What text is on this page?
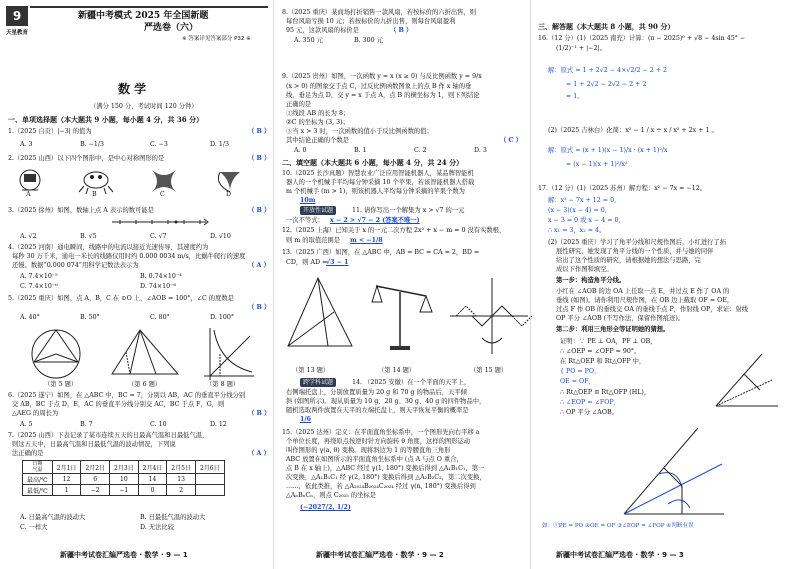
9
天星教育
新疆中考模式 2025 年全国新题
严选卷（六）
※ 答案详见答案部分 P32 ※
数 学
（满分 150 分，考试时间 120 分钟）
一、单项选择题（本大题共 9 小题，每小题 4 分，共 36 分）
1.（2025 自贡）|−3| 的值为	（ B ）
A. 3	B. −1/3	C. −3	D. 1/3
2.（2025 山西）以下四个图形中，是中心对称图形的是	（ B ）
A	B	C	D
3.（2025 徐州）如图，数轴上点 A 表示的数可能是	（ B ）
A. √2	B. √5	C. √7	D. √10
4.（2025 河南）通电瞬间，线路中的电流以接近光速传导，其速度约为
每秒 30 万千米，通电一米长的线路仅用时约 0.000 0034 m/s，比蜗牛爬行的速度
还慢。数据“0.000 074”用科学记数法表示为	（ A ）
A. 7.4×10⁻⁵	B. 0.74×10⁻⁴
C. 7.4×10⁻⁶	D. 74×10⁻⁶
5.（2025 重庆）如图，点 A，B，C 在 ⊙O 上，∠AOB = 100°，∠C 的度数是
（ B ）
A. 40°	B. 50°	C. 80°	D. 100°
（第 5 题）	（第 6 题）	（第 8 题）
6.（2025 遂宁）如图，在 △ABC 中，BC = 7，分别以 AB，AC 的垂直平分线分别
交 AB，BC 于点 D，E，AC 的垂直平分线分别交 AC，BC 于点 F，G，则
△AEG 的周长为	（ B ）
A. 5	B. 7	C. 10	D. 12
7.（2025 山西）下表记录了某市连续五天的日最高气温和日最低气温，
则这五天中，日最高气温和日最低气温的波动情况，下列说
法正确的是	（ A ）
日期
气温	2月1日	2月2日	2月3日	2月4日	2月5日	2月6日
最高/℃	12	6	10	14	13	
最低/℃	1	−2	−1	0	2	
A. 日最高气温的波动大	B. 日最低气温的波动大
C. 一样大	D. 无法比较
新疆中考试卷汇编严选卷 · 数学 · 9 — 1
8.（2025 重庆）某商场打折销售一款风扇，若按标价的六折出售，则
每台风扇亏损 10 元；若按标价的九折出售，则每台风扇盈利
95 元，这款风扇的标价是	（ B ）
A. 350 元	B. 300 元
9.（2025 贵州）如图，一次函数 y = x (x ≥ 0) 与反比例函数 y = 9/x
(x > 0) 的图象交于点 C，过反比例函数图象上的点 B 作 x 轴的垂
线，垂足为点 D，交 y = x 于点 A，点 B 的横坐标为 1，则下列结论
正确的是
①线段 AB 的长为 8；
②C 的坐标为 (3, 3)；
③当 x > 3 时，一次函数的值小于反比例函数的值；
其中结论正确的个数是	（ C ）
A. 0	B. 1	C. 2	D. 3
二、填空题（本大题共 6 小题，每小题 4 分，共 24 分）
10.（2025 长沙真题）智慧农业广泛应用智能机器人，某品牌智能机
器人的一个机械手平均每分钟采摘 10 个苹果，若该智能机器人搭载
m 个机械手 (m > 1)，则该机器人平均每分钟采摘的苹果个数为
10m
开放性试题	11. 请你写出一个解集为 x > √7 的一元
一次不等式： x − 2 > √7 − 2 (答案不唯一)
12.（2025 上海）已知关于 x 的一元二次方程 2x² + x − m = 0 没有实数根，
则 m 的取值范围是 m < −1/8
13.（2025 广西）如图，在 △ABC 中，AB = BC = CA = 2，BD =
CD，则 AD =
√3 − 1
（第 13 题）	（第 14 题）	（第 15 题）
跨学科试题	14. （2025 安徽）在一个平面的天平上，
右侧端托盘上，分别放置质量为 20 g 和 70 g 的物品后，天平倾
斜 (如图所示)。现从质量为 10 g、20 g、30 g、40 g 的四件物品中，
随机选取两件放置在天平的左端托盘上，则天平恢复平衡的概率是
1/6
15.（2025 达州）定义：在平面直角坐标系中，一个图形先向右平移 a
个单位长度，再绕原点按逆时针方向旋转 θ 角度，这样的图形运动
叫作图形的 γ(a, θ) 变换。现将斜边为 1 的等腰直角三角形
ABC 放置在如图所示的平面直角坐标系中 (点 A 与点 O 重合，
点 B 在 x 轴上)，△ABC 经过 γ(1, 180°) 变换后得到 △A₁B₁C₁，第一
次变换，△A₁B₁C₁ 经 γ(2, 180°) 变换后得到 △A₂B₂C₂，第二次变换，
……，依此类推，若 △A₂₀₂₄B₂₀₂₄C₂₀₂₄ 经过 γ(n, 180°) 变换后得到
△AₙBₙCₙ，则点 C₂₀₂₅ 的坐标是
(−2027/2, 1/2)
新疆中考试卷汇编严选卷 · 数学 · 9 — 2
三、解答题（本大题共 8 小题，共 90 分）
16.（12 分）(1)（2025 南充）计算：(π − 2025)⁰ + √8 − 4sin 45° −
(1/2)⁻¹ + |−2|。
解：原式 = 1 + 2√2 − 4×√2/2 − 2 + 2
= 1 + 2√2 − 2√2 − 2 + 2
= 1。
(2)（2025 吉林白）化简：x² − 1 / x ÷ x / x² + 2x + 1 。
解：原式 = (x + 1)(x − 1)/x · (x + 1)²/x
= (x − 1)(x + 1)²/x²
17.（12 分）(1)（2025 苏州）解方程：x² − 7x = −12。
解：x² − 7x + 12 = 0,
(x − 3)(x − 4) = 0,
x − 3 = 0 或 x − 4 = 0,
∴ x₁ = 3，x₂ = 4。
(2)（2025 重庆）学习了角平分线和尺规作图后，小红进行了拓
展性研究，她发现了角平分线的一个性质，并与她的同伴
给出了这个性质的研究，请根据她的想法与思路，完
成以下作图和填空。
第一步：构造角平分线。
小红在 ∠AOB 的边 OA 上任取一点 E，并过点 E 作了 OA 的
垂线 (如图)。请你利用尺规作图，在 OB 边上截取 OF = OE，
过点 F 作 OB 的垂线交 OA 的垂线于点 P，作射线 OP，求证：射线
OP 平分 ∠AOB (不写作法，保留作图痕迹)。
第二步：利用三角形全等证明她的猜想。
证明：∵ PE ⊥ OA，PF ⊥ OB，
∴ ∠OEP = ∠OFP = 90°。
在 Rt△OEP 和 Rt△OFP 中，
{ PO = PO，
OE = OF，
∴ Rt△OEP ≌ Rt△OFP (HL)，
∴ ∠EOP = ∠FOP，
∴ OP 平分 ∠AOB。
如：①PE = PO ②OE = OF ③∠EOP = ∠FOP ④判断有误
新疆中考试卷汇编严选卷 · 数学 · 9 — 3
